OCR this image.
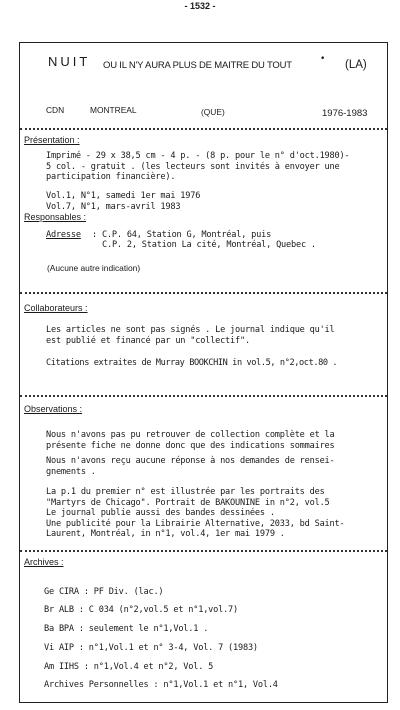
- 1532 -
NUIT OU IL N'Y AURA PLUS DE MAITRE DU TOUT
• (LA)
CDN	MONTREAL	(QUE)	1976-1983
Présentation :
Imprimé - 29 x 38,5 cm - 4 p. - (8 p. pour le n° d'oct.1980)-
5 col. - gratuit . (les lecteurs sont invités à envoyer une
participation financière).
Vol.1, N°1, samedi 1er mai 1976
Vol.7, N°1, mars-avril 1983
Responsables :
Adresse : C.P. 64, Station G, Montréal, puis
C.P. 2, Station La cité, Montréal, Quebec .
(Aucune autre indication)
Collaborateurs :
Les articles ne sont pas signés . Le journal indique qu'il
est publié et financé par un "collectif".
Citations extraites de Murray BOOKCHIN in vol.5, n°2,oct.80 .
Observations :
Nous n'avons pas pu retrouver de collection complète et la
présente fiche ne donne donc que des indications sommaires
Nous n'avons reçu aucune réponse à nos demandes de rensei-
gnements .
La p.1 du premier n° est illustrée par les portraits des
"Martyrs de Chicago". Portrait de BAKOUNINE in n°2, vol.5
Le journal publie aussi des bandes dessinées .
Une publicité pour la Librairie Alternative, 2033, bd Saint-
Laurent, Montréal, in n°1, vol.4, 1er mai 1979 .
Archives :
Ge CIRA : PF Div. (lac.)
Br ALB : C 034 (n°2,vol.5 et n°1,vol.7)
Ba BPA : seulement le n°1,Vol.1 .
Vi AIP : n°1,Vol.1 et n° 3-4, Vol. 7 (1983)
Am IIHS : n°1,Vol.4 et n°2, Vol. 5
Archives Personnelles : n°1,Vol.1 et n°1, Vol.4
